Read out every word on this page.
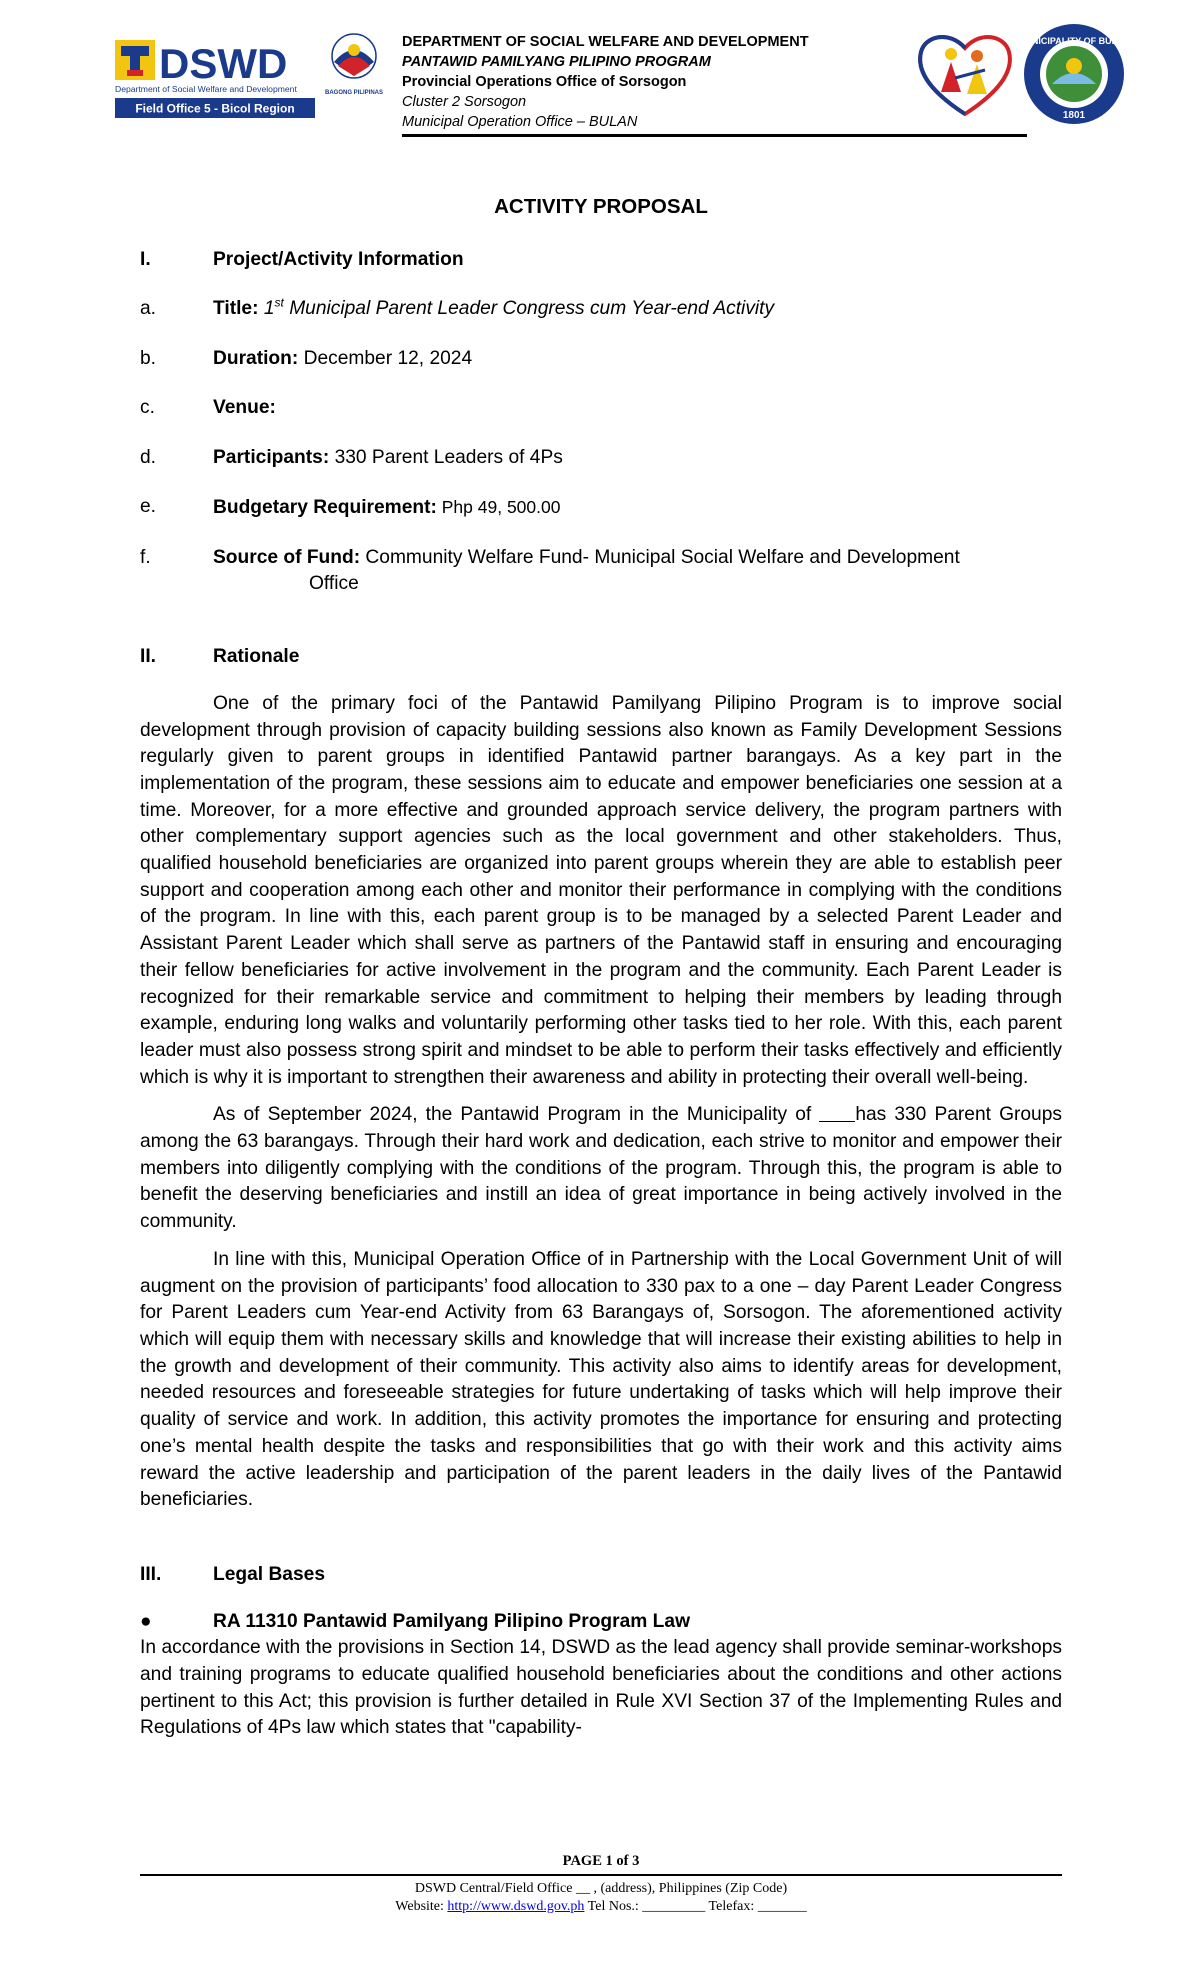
DSWD
Department of Social Welfare and Development
Field Office 5 - Bicol Region
BAGONG PILIPINAS
DEPARTMENT OF SOCIAL WELFARE AND DEVELOPMENT
PANTAWID PAMILYANG PILIPINO PROGRAM
Provincial Operations Office of Sorsogon
Cluster 2 Sorsogon
Municipal Operation Office – BULAN
MUNICIPALITY OF BULAN
1801
ACTIVITY PROPOSAL
I.	Project/Activity Information
a.	Title: 1st Municipal Parent Leader Congress cum Year-end Activity
b.	Duration: December 12, 2024
c.	Venue:
d.	Participants: 330 Parent Leaders of 4Ps
e.	Budgetary Requirement: Php 49, 500.00
f.	Source of Fund: Community Welfare Fund- Municipal Social Welfare and Development
Office
II.	Rationale

One of the primary foci of the Pantawid Pamilyang Pilipino Program is to improve social development through provision of capacity building sessions also known as Family Development Sessions regularly given to parent groups in identified Pantawid partner barangays. As a key part in the implementation of the program, these sessions aim to educate and empower beneficiaries one session at a time. Moreover, for a more effective and grounded approach service delivery, the program partners with other complementary support agencies such as the local government and other stakeholders. Thus, qualified household beneficiaries are organized into parent groups wherein they are able to establish peer support and cooperation among each other and monitor their performance in complying with the conditions of the program. In line with this, each parent group is to be managed by a selected Parent Leader and Assistant Parent Leader which shall serve as partners of the Pantawid staff in ensuring and encouraging their fellow beneficiaries for active involvement in the program and the community. Each Parent Leader is recognized for their remarkable service and commitment to helping their members by leading through example, enduring long walks and voluntarily performing other tasks tied to her role. With this, each parent leader must also possess strong spirit and mindset to be able to perform their tasks effectively and efficiently which is why it is important to strengthen their awareness and ability in protecting their overall well-being.

As of September 2024, the Pantawid Program in the Municipality of has 330 Parent Groups among the 63 barangays. Through their hard work and dedication, each strive to monitor and empower their members into diligently complying with the conditions of the program. Through this, the program is able to benefit the deserving beneficiaries and instill an idea of great importance in being actively involved in the community.

In line with this, Municipal Operation Office of in Partnership with the Local Government Unit of will augment on the provision of participants’ food allocation to 330 pax to a one – day Parent Leader Congress for Parent Leaders cum Year-end Activity from 63 Barangays of, Sorsogon. The aforementioned activity which will equip them with necessary skills and knowledge that will increase their existing abilities to help in the growth and development of their community. This activity also aims to identify areas for development, needed resources and foreseeable strategies for future undertaking of tasks which will help improve their quality of service and work. In addition, this activity promotes the importance for ensuring and protecting one’s mental health despite the tasks and responsibilities that go with their work and this activity aims reward the active leadership and participation of the parent leaders in the daily lives of the Pantawid beneficiaries.

III.	Legal Bases
●	RA 11310 Pantawid Pamilyang Pilipino Program Law

In accordance with the provisions in Section 14, DSWD as the lead agency shall provide seminar-workshops and training programs to educate qualified household beneficiaries about the conditions and other actions pertinent to this Act; this provision is further detailed in Rule XVI Section 37 of the Implementing Rules and Regulations of 4Ps law which states that "capability-

PAGE 1 of 3
DSWD Central/Field Office __ , (address), Philippines (Zip Code)
Website: http://www.dswd.gov.ph Tel Nos.: _________ Telefax: _______
